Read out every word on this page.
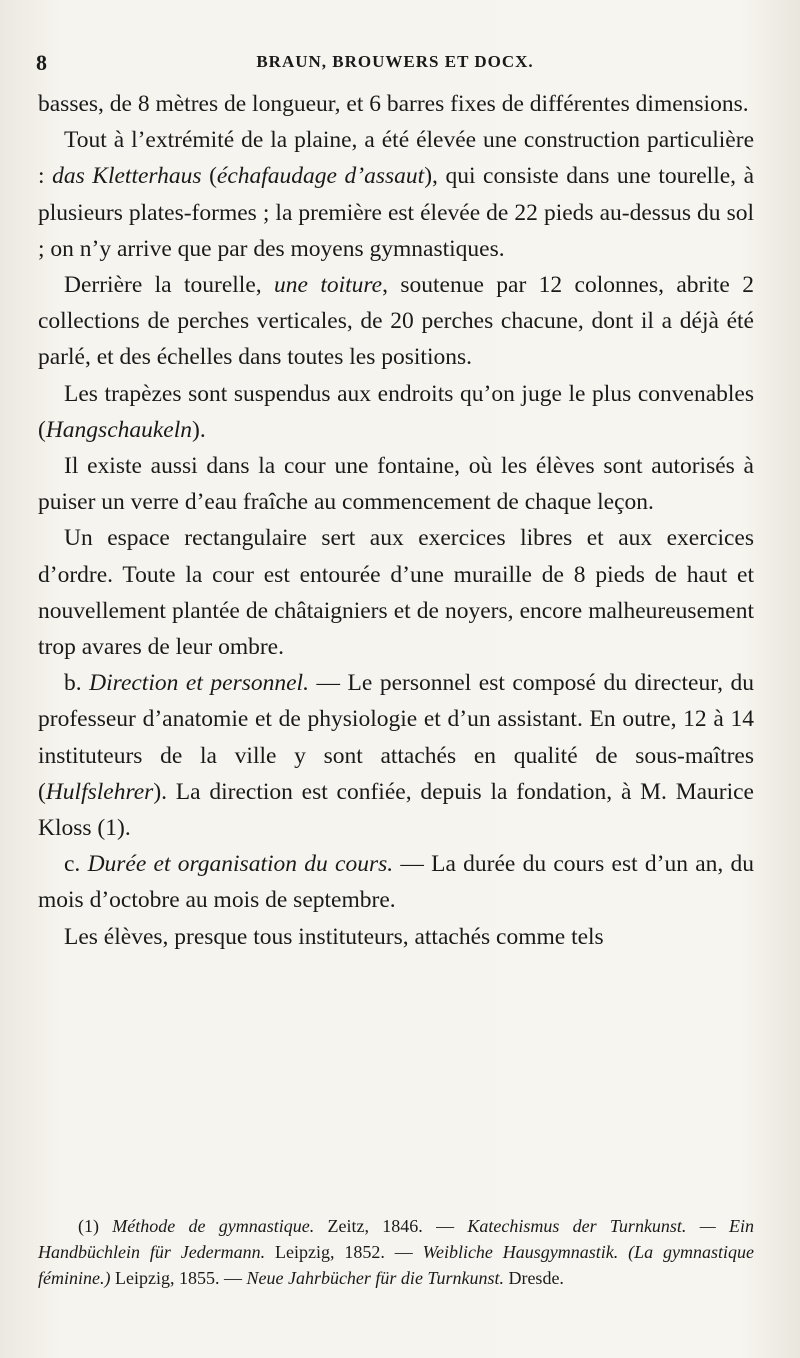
8	BRAUN, BROUWERS ET DOCX.

basses, de 8 mètres de longueur, et 6 barres fixes de différentes dimensions.

Tout à l’extrémité de la plaine, a été élevée une construction particulière : das Kletterhaus (échafaudage d’assaut), qui consiste dans une tourelle, à plusieurs plates-formes ; la première est élevée de 22 pieds au-dessus du sol ; on n’y arrive que par des moyens gymnastiques.

Derrière la tourelle, une toiture, soutenue par 12 colonnes, abrite 2 collections de perches verticales, de 20 perches chacune, dont il a déjà été parlé, et des échelles dans toutes les positions.

Les trapèzes sont suspendus aux endroits qu’on juge le plus convenables (Hangschaukeln).

Il existe aussi dans la cour une fontaine, où les élèves sont autorisés à puiser un verre d’eau fraîche au commencement de chaque leçon.

Un espace rectangulaire sert aux exercices libres et aux exercices d’ordre. Toute la cour est entourée d’une muraille de 8 pieds de haut et nouvellement plantée de châtaigniers et de noyers, encore malheureusement trop avares de leur ombre.

b. Direction et personnel. — Le personnel est composé du directeur, du professeur d’anatomie et de physiologie et d’un assistant. En outre, 12 à 14 instituteurs de la ville y sont attachés en qualité de sous-maîtres (Hulfslehrer). La direction est confiée, depuis la fondation, à M. Maurice Kloss (1).

c. Durée et organisation du cours. — La durée du cours est d’un an, du mois d’octobre au mois de septembre.

Les élèves, presque tous instituteurs, attachés comme tels

(1) Méthode de gymnastique. Zeitz, 1846. — Katechismus der Turnkunst. — Ein Handbüchlein für Jedermann. Leipzig, 1852. — Weibliche Hausgymnastik. (La gymnastique féminine.) Leipzig, 1855. — Neue Jahrbücher für die Turnkunst. Dresde.
